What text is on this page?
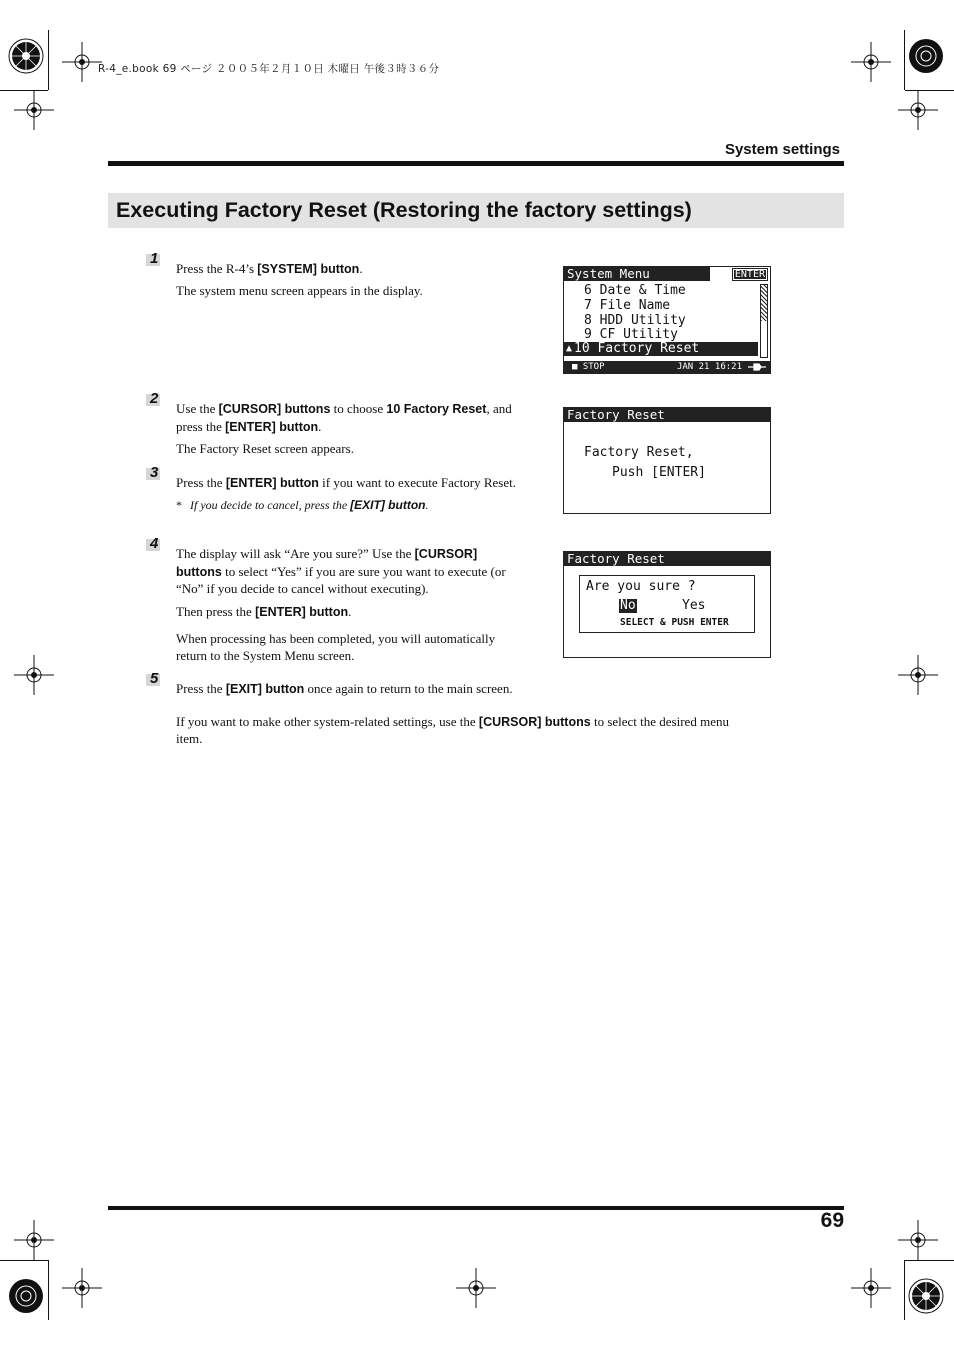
R-4_e.book 69 ページ ２００５年２月１０日 木曜日 午後３時３６分
System settings
Executing Factory Reset (Restoring the factory settings)
1
Press the R-4’s [SYSTEM] button.
The system menu screen appears in the display.
System Menu	ENTER
6 Date & Time
7 File Name
8 HDD Utility
9 CF Utility
▲ 10 Factory Reset
■ STOP	JAN 21 16:21
2
Use the [CURSOR] buttons to choose 10 Factory Reset, and
press the [ENTER] button.
The Factory Reset screen appears.
Factory Reset
Factory Reset,
Push [ENTER]
3
Press the [ENTER] button if you want to execute Factory Reset.
* If you decide to cancel, press the [EXIT] button.
4
The display will ask “Are you sure?” Use the [CURSOR]
buttons to select “Yes” if you are sure you want to execute (or
“No” if you decide to cancel without executing).
Then press the [ENTER] button.
When processing has been completed, you will automatically
return to the System Menu screen.
Factory Reset
Are you sure ?
No	Yes
SELECT & PUSH ENTER
5
Press the [EXIT] button once again to return to the main screen.
If you want to make other system-related settings, use the [CURSOR] buttons to select the desired menu
item.
69
